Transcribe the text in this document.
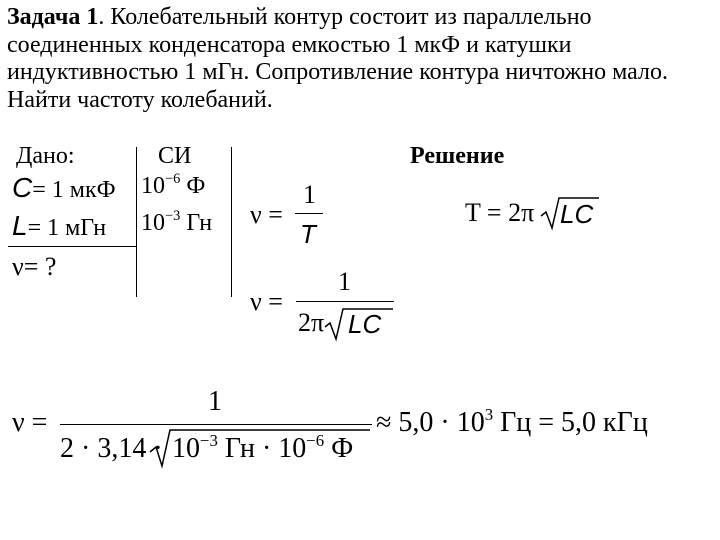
Задача 1. Колебательный контур состоит из параллельно соединенных конденсатора емкостью 1 мкФ и катушки индуктивностью 1 мГн. Сопротивление контура ничтожно мало. Найти частоту колебаний.
Дано:	СИ	Решение
C= 1 мкФ
L= 1 мГн
ν= ?
$10^{-6}$ Ф
$10^{-3}$ Гн ν =
1
T
T = 2π LC
ν =
1
2π LC
ν =
1
$2 \cdot 3,14 \cdot 10^{-3}$ Гн · $10^{-6}$ Ф
≈ $5,0 \cdot 10^3$ Гц = 5,0 кГц
